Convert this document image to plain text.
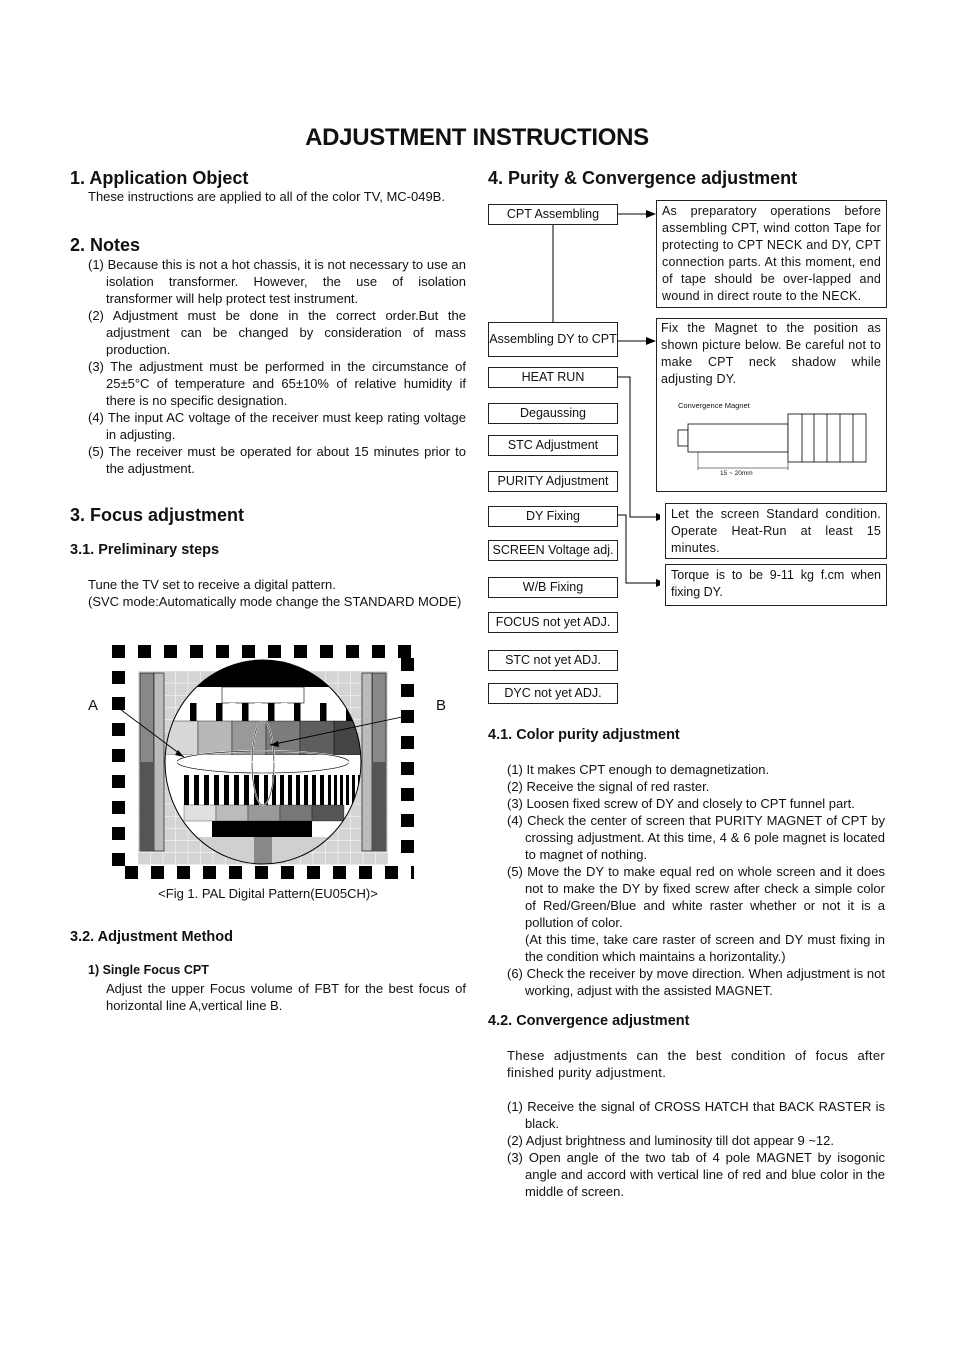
ADJUSTMENT INSTRUCTIONS
1. Application Object
These instructions are applied to all of the color TV, MC-049B.
2. Notes
(1) Because this is not a hot chassis, it is not necessary to use an isolation transformer. However, the use of isolation transformer will help protect test instrument.
(2) Adjustment must be done in the correct order.But the adjustment can be changed by consideration of mass production.
(3) The adjustment must be performed in the circumstance of 25±5°C of temperature and 65±10% of relative humidity if there is no specific designation.
(4) The input AC voltage of the receiver must keep rating voltage in adjusting.
(5) The receiver must be operated for about 15 minutes prior to the adjustment.
3. Focus adjustment
3.1. Preliminary steps
Tune the TV set to receive a digital pattern.
(SVC mode:Automatically mode change the STANDARD MODE)
A	B
<Fig 1. PAL Digital Pattern(EU05CH)>
3.2. Adjustment Method
1) Single Focus CPT
Adjust the upper Focus volume of FBT for the best focus of horizontal line A,vertical line B.
4. Purity & Convergence adjustment
CPT Assembling
Assembling DY to CPT
HEAT RUN
Degaussing
STC Adjustment
PURITY Adjustment
DY Fixing
SCREEN Voltage adj.
W/B Fixing
FOCUS not yet ADJ.
STC not yet ADJ.
DYC not yet ADJ.
As preparatory operations before assembling CPT, wind cotton Tape for protecting to CPT NECK and DY, CPT connection parts. At this moment, end of tape should be over-lapped and wound in direct route to the NECK.
Fix the Magnet to the position as shown picture below. Be careful not to make CPT neck shadow while adjusting DY.
Convergence Magnet
15 ~ 20mm
Let the screen Standard condition. Operate Heat-Run at least 15 minutes.
Torque is to be 9-11 kg f.cm when fixing DY.
4.1. Color purity adjustment
(1) It makes CPT enough to demagnetization.
(2) Receive the signal of red raster.
(3) Loosen fixed screw of DY and closely to CPT funnel part.
(4) Check the center of screen that PURITY MAGNET of CPT by crossing adjustment. At this time, 4 & 6 pole magnet is located to magnet of nothing.
(5) Move the DY to make equal red on whole screen and it does not to make the DY by fixed screw after check a simple color of Red/Green/Blue and white raster whether or not it is a pollution of color.
(At this time, take care raster of screen and DY must fixing in the condition which maintains a horizontality.)
(6) Check the receiver by move direction. When adjustment is not working, adjust with the assisted MAGNET.
4.2. Convergence adjustment
These adjustments can the best condition of focus after finished purity adjustment.
(1) Receive the signal of CROSS HATCH that BACK RASTER is black.
(2) Adjust brightness and luminosity till dot appear 9 ~12.
(3) Open angle of the two tab of 4 pole MAGNET by isogonic angle and accord with vertical line of red and blue color in the middle of screen.
